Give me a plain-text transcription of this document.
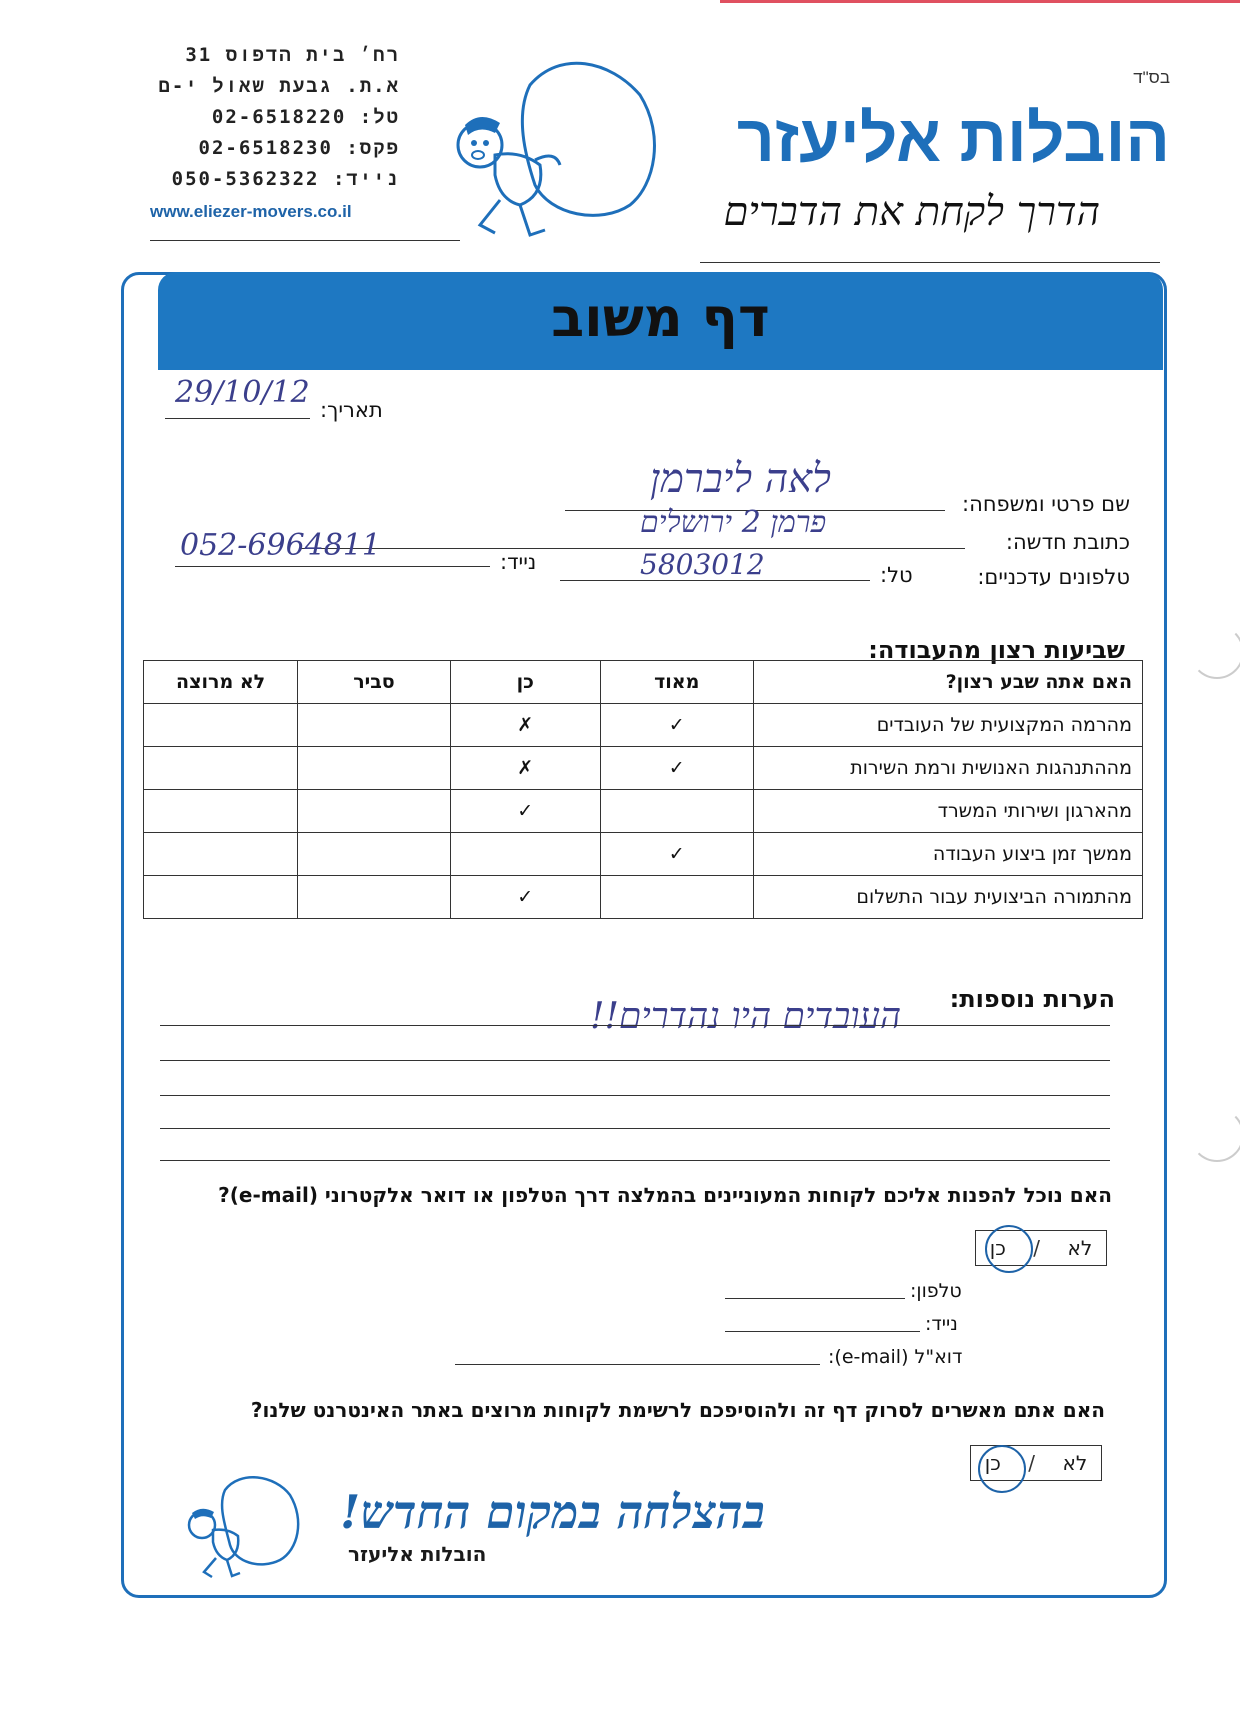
בס"ד
רח׳ בית הדפוס 31
א.ת. גבעת שאול י-ם
טל: 02-6518220
פקס: 02-6518230
נייד: 050-5362322
www.eliezer-movers.co.il
הובלות אליעזר
הדרך לקחת את הדברים
דף משוב
תאריך:
29/10/12
שם פרטי ומשפחה:
לאה ליברמן
כתובת חדשה:
פרמן 2 ירושלים
טלפונים עדכניים:
טל:
5803012
נייד:
052-6964811
שביעות רצון מהעבודה:
האם אתה שבע רצון?	מאוד	כן	סביר	לא מרוצה
מהרמה המקצועית של העובדים	✓	✗		
מההתנהגות האנושית ורמת השירות	✓	✗		
מהארגון ושירותי המשרד		✓		
ממשך זמן ביצוע העבודה	✓			
מהתמורה הביצועית עבור התשלום		✓		
הערות נוספות:
העובדים היו נהדרים!!
האם נוכל להפנות אליכם לקוחות המעוניינים בהמלצה דרך הטלפון או דואר אלקטרוני (e-mail)?
לא
/
כן
טלפון:
נייד:
דוא"ל (e-mail):
האם אתם מאשרים לסרוק דף זה ולהוסיפכם לרשימת לקוחות מרוצים באתר האינטרנט שלנו?
לא
/
כן
בהצלחה במקום החדש!
הובלות אליעזר
